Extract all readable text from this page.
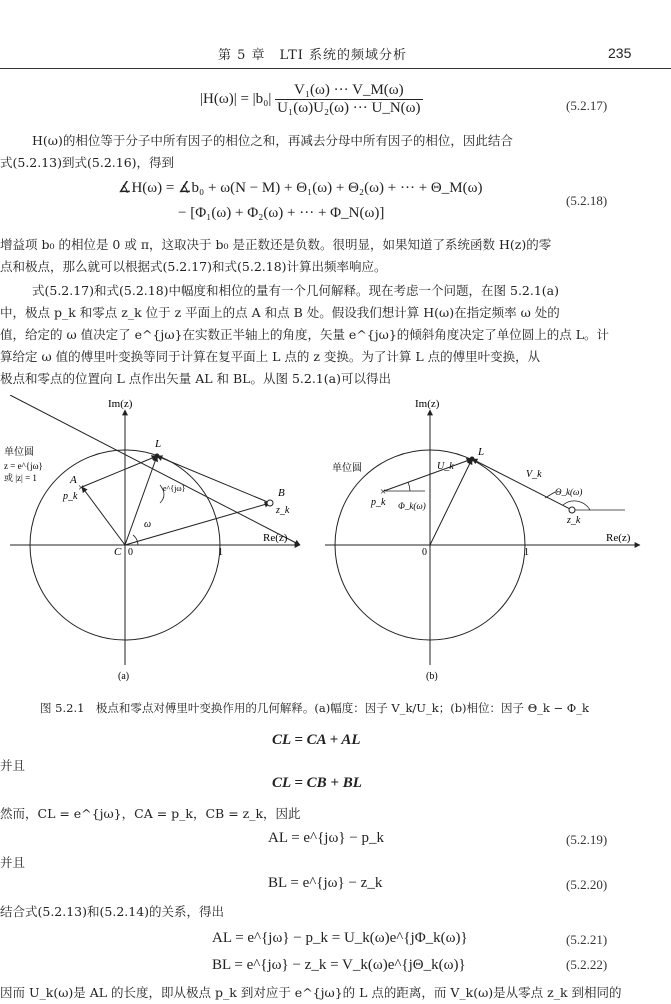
第 5 章　LTI 系统的频域分析	235
$|H(\omega)| = |b_0| \frac{\text{V₁(ω) ··· V\_M(ω)}}{\text{U₁(ω)U₂(ω) ··· U\_N(ω)}}$	(5.2.17)
H(ω)的相位等于分子中所有因子的相位之和，再减去分母中所有因子的相位，因此结合
式(5.2.13)到式(5.2.16)，得到
∡H(ω) = ∡b₀ + ω(N − M) + Θ₁(ω) + Θ₂(ω) + ··· + Θ_M(ω)
− [Φ₁(ω) + Φ₂(ω) + ··· + Φ_N(ω)]
(5.2.18)
增益项 b₀ 的相位是 0 或 π，这取决于 b₀ 是正数还是负数。很明显，如果知道了系统函数 H(z)的零
点和极点，那么就可以根据式(5.2.17)和式(5.2.18)计算出频率响应。
式(5.2.17)和式(5.2.18)中幅度和相位的量有一个几何解释。现在考虑一个问题，在图 5.2.1(a)
中，极点 p_k 和零点 z_k 位于 z 平面上的点 A 和点 B 处。假设我们想计算 H(ω)在指定频率 ω 处的
值，给定的 ω 值决定了 e^{jω}在实数正半轴上的角度，矢量 e^{jω}的倾斜角度决定了单位圆上的点 L。计
算给定 ω 值的傅里叶变换等同于计算在复平面上 L 点的 z 变换。为了计算 L 点的傅里叶变换，从
极点和零点的位置向 L 点作出矢量 AL 和 BL。从图 5.2.1(a)可以得出
×
Im(z)
Re(z)
单位圆
z = e^{jω}
或 |z| = 1
L
A
p_k	B
z_k
C 0	1
e^{jω}
ω
(a)
×
Im(z)
Re(z)
单位圆
L
U_k
V_k
p_k Φ_k(ω)
Θ_k(ω)
z_k
0	1
(b)
图 5.2.1　极点和零点对傅里叶变换作用的几何解释。(a)幅度：因子 V_k/U_k；(b)相位：因子 Θ_k − Φ_k
CL = CA + AL
并且
CL = CB + BL
然而，CL = e^{jω}，CA = p_k，CB = z_k，因此
AL = e^{jω} − p_k	(5.2.19)
并且
BL = e^{jω} − z_k	(5.2.20)
结合式(5.2.13)和(5.2.14)的关系，得出
AL = e^{jω} − p_k = U_k(ω)e^{jΦ_k(ω)}	(5.2.21)
BL = e^{jω} − z_k = V_k(ω)e^{jΘ_k(ω)}	(5.2.22)
因而 U_k(ω)是 AL 的长度，即从极点 p_k 到对应于 e^{jω}的 L 点的距离，而 V_k(ω)是从零点 z_k 到相同的
